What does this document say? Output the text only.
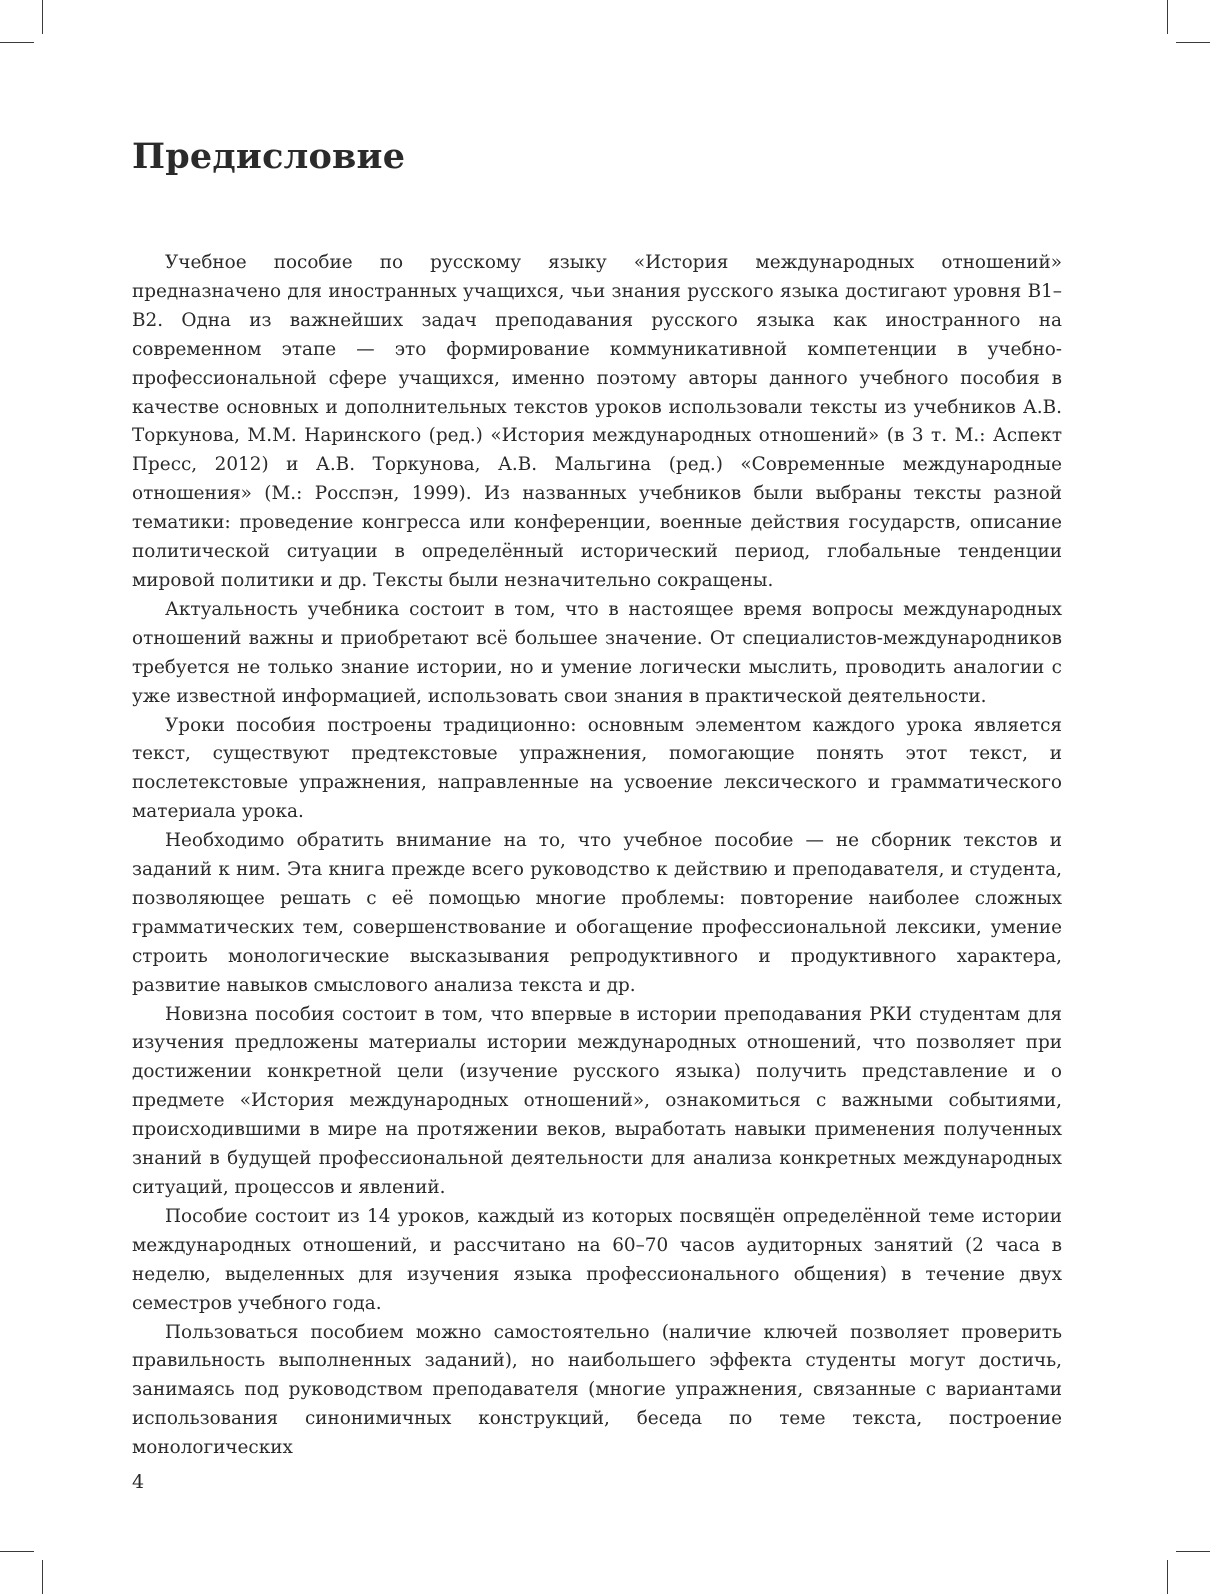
Предисловие

Учебное пособие по русскому языку «История международных отношений» предназначено для иностранных учащихся, чьи знания русского языка достигают уровня В1–В2. Одна из важнейших задач преподавания русского языка как иностранного на современном этапе — это формирование коммуникативной компетенции в учебно-профессиональной сфере учащихся, именно поэтому авторы данного учебного пособия в качестве основных и дополнительных текстов уроков использовали тексты из учебников А.В. Торкунова, М.М. Наринского (ред.) «История международных отношений» (в 3 т. М.: Аспект Пресс, 2012) и А.В. Торкунова, А.В. Мальгина (ред.) «Современные международные отношения» (М.: Росспэн, 1999). Из названных учебников были выбраны тексты разной тематики: проведение конгресса или конференции, военные действия государств, описание политической ситуации в определённый исторический период, глобальные тенденции мировой политики и др. Тексты были незначительно сокращены.

Актуальность учебника состоит в том, что в настоящее время вопросы международных отношений важны и приобретают всё большее значение. От специалистов-международников требуется не только знание истории, но и умение логически мыслить, проводить аналогии с уже известной информацией, использовать свои знания в практической деятельности.

Уроки пособия построены традиционно: основным элементом каждого урока является текст, существуют предтекстовые упражнения, помогающие понять этот текст, и послетекстовые упражнения, направленные на усвоение лексического и грамматического материала урока.

Необходимо обратить внимание на то, что учебное пособие — не сборник текстов и заданий к ним. Эта книга прежде всего руководство к действию и преподавателя, и студента, позволяющее решать с её помощью многие проблемы: повторение наиболее сложных грамматических тем, совершенствование и обогащение профессиональной лексики, умение строить монологические высказывания репродуктивного и продуктивного характера, развитие навыков смыслового анализа текста и др.

Новизна пособия состоит в том, что впервые в истории преподавания РКИ студентам для изучения предложены материалы истории международных отношений, что позволяет при достижении конкретной цели (изучение русского языка) получить представление и о предмете «История международных отношений», ознакомиться с важными событиями, происходившими в мире на протяжении веков, выработать навыки применения полученных знаний в будущей профессиональной деятельности для анализа конкретных международных ситуаций, процессов и явлений.

Пособие состоит из 14 уроков, каждый из которых посвящён определённой теме истории международных отношений, и рассчитано на 60–70 часов аудиторных занятий (2 часа в неделю, выделенных для изучения языка профессионального общения) в течение двух семестров учебного года.

Пользоваться пособием можно самостоятельно (наличие ключей позволяет проверить правильность выполненных заданий), но наибольшего эффекта студенты могут достичь, занимаясь под руководством преподавателя (многие упражнения, связанные с вариантами использования синонимичных конструкций, беседа по теме текста, построение монологических

4
